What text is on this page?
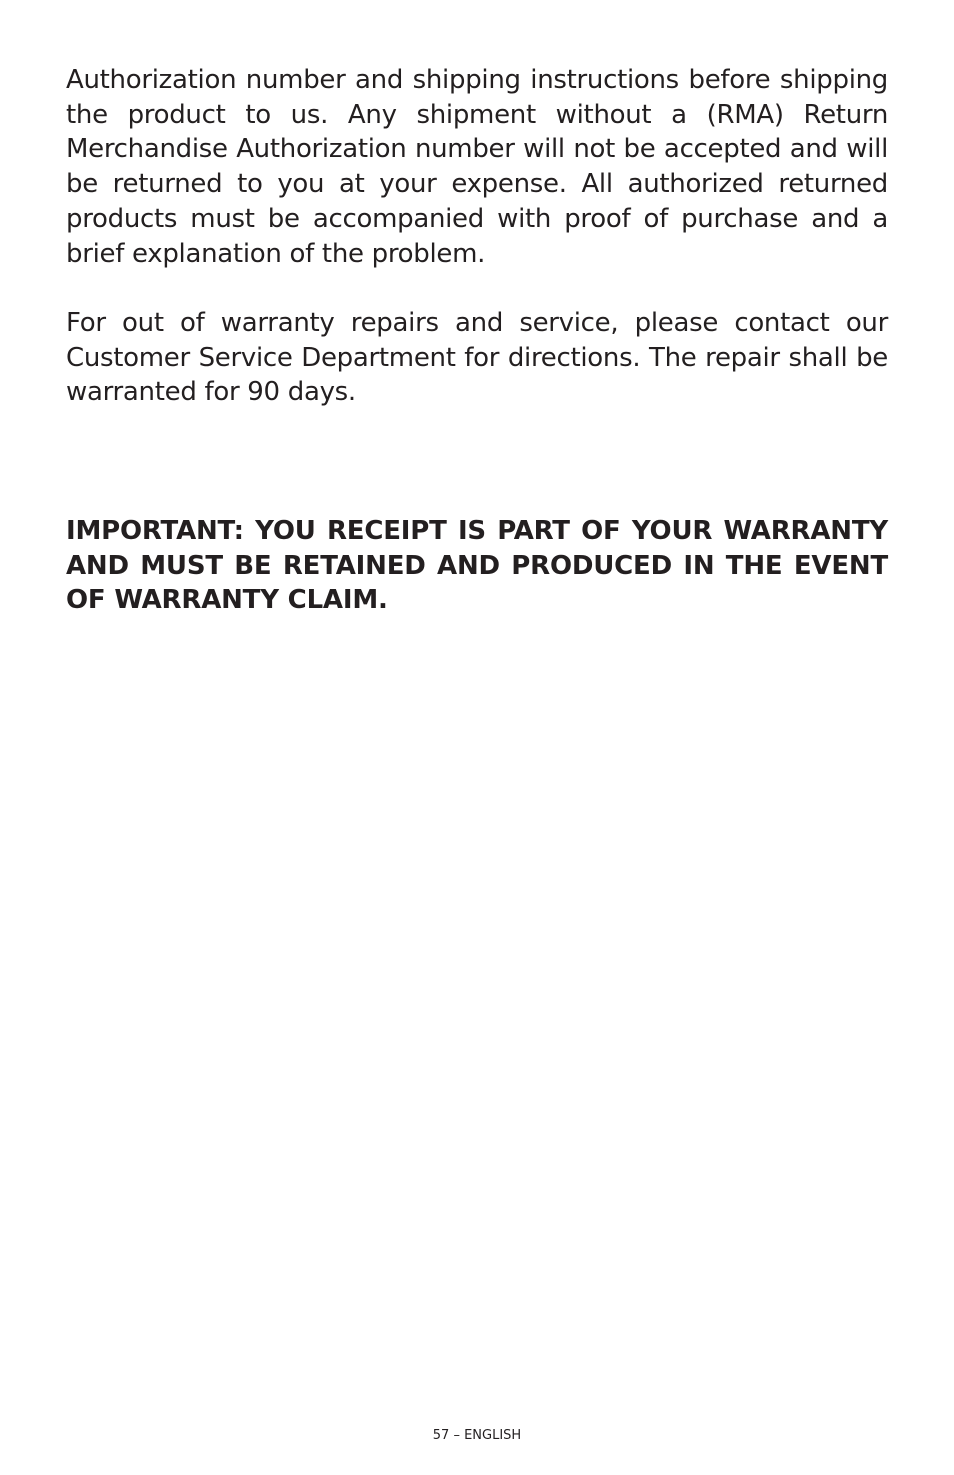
Authorization number and shipping instructions before shipping the product to us. Any shipment without a (RMA) Return Merchandise Authorization number will not be accepted and will be returned to you at your expense. All authorized returned products must be accompanied with proof of purchase and a brief explanation of the problem.

For out of warranty repairs and service, please contact our Customer Service Department for directions. The repair shall be warranted for 90 days.

IMPORTANT: YOU RECEIPT IS PART OF YOUR WARRANTY AND MUST BE RETAINED AND PRODUCED IN THE EVENT OF WARRANTY CLAIM.

57 – ENGLISH
